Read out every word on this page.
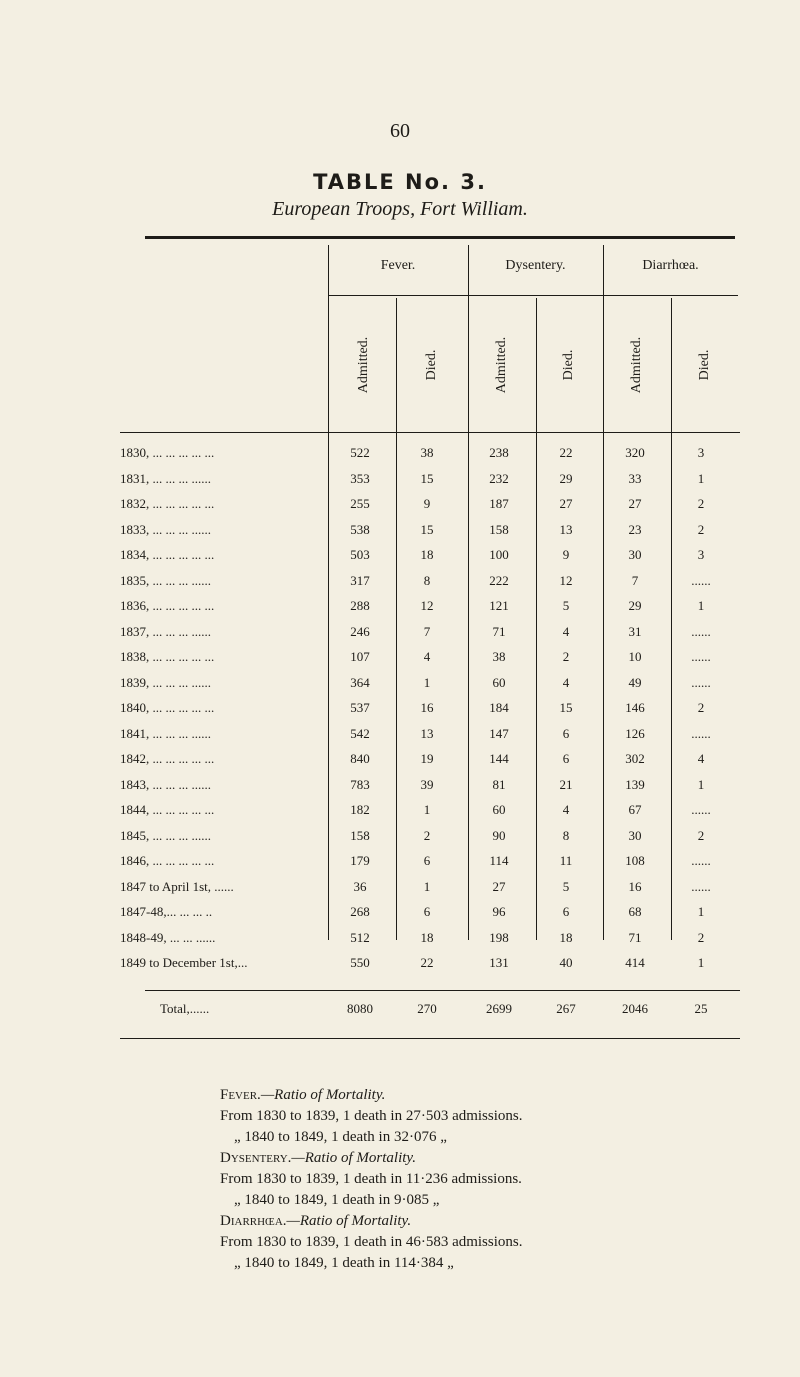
60
TABLE No. 3.
European Troops, Fort William.
Fever.	Dysentery.	Diarrhœa.
Admitted.	Died.	Admitted.	Died.	Admitted.	Died.
1830, ... ... ... ... ...	522	38	238	22	320	3
1831, ... ... ... ......	353	15	232	29	33	1
1832, ... ... ... ... ...	255	9	187	27	27	2
1833, ... ... ... ......	538	15	158	13	23	2
1834, ... ... ... ... ...	503	18	100	9	30	3
1835, ... ... ... ......	317	8	222	12	7	......
1836, ... ... ... ... ...	288	12	121	5	29	1
1837, ... ... ... ......	246	7	71	4	31	......
1838, ... ... ... ... ...	107	4	38	2	10	......
1839, ... ... ... ......	364	1	60	4	49	......
1840, ... ... ... ... ...	537	16	184	15	146	2
1841, ... ... ... ......	542	13	147	6	126	......
1842, ... ... ... ... ...	840	19	144	6	302	4
1843, ... ... ... ......	783	39	81	21	139	1
1844, ... ... ... ... ...	182	1	60	4	67	......
1845, ... ... ... ......	158	2	90	8	30	2
1846, ... ... ... ... ...	179	6	114	11	108	......
1847 to April 1st, ......	36	1	27	5	16	......
1847-48,... ... ... ..	268	6	96	6	68	1
1848-49, ... ... ......	512	18	198	18	71	2
1849 to December 1st,...	550	22	131	40	414	1
Total,......	8080	270	2699	267	2046	25
Fever.—Ratio of Mortality.
From 1830 to 1839, 1 death in 27·503 admissions.
„ 1840 to 1849, 1 death in 32·076 „
Dysentery.—Ratio of Mortality.
From 1830 to 1839, 1 death in 11·236 admissions.
„ 1840 to 1849, 1 death in 9·085 „
Diarrhœa.—Ratio of Mortality.
From 1830 to 1839, 1 death in 46·583 admissions.
„ 1840 to 1849, 1 death in 114·384 „
